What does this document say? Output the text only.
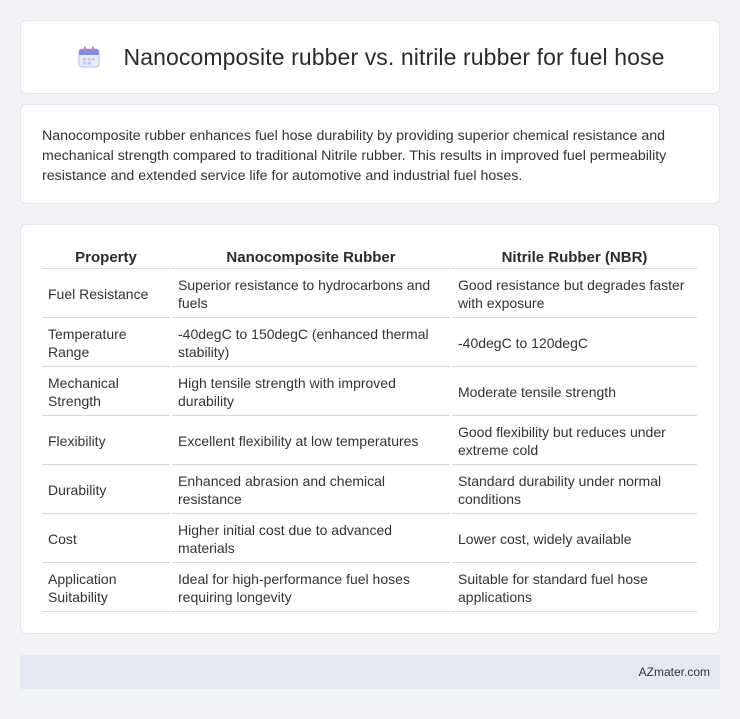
Nanocomposite rubber vs. nitrile rubber for fuel hose

Nanocomposite rubber enhances fuel hose durability by providing superior chemical resistance and mechanical strength compared to traditional Nitrile rubber. This results in improved fuel permeability resistance and extended service life for automotive and industrial fuel hoses.

Property	Nanocomposite Rubber	Nitrile Rubber (NBR)
Fuel Resistance	Superior resistance to hydrocarbons and fuels	Good resistance but degrades faster with exposure
Temperature Range	-40degC to 150degC (enhanced thermal stability)	-40degC to 120degC
Mechanical Strength	High tensile strength with improved durability	Moderate tensile strength
Flexibility	Excellent flexibility at low temperatures	Good flexibility but reduces under extreme cold
Durability	Enhanced abrasion and chemical resistance	Standard durability under normal conditions
Cost	Higher initial cost due to advanced materials	Lower cost, widely available
Application Suitability	Ideal for high-performance fuel hoses requiring longevity	Suitable for standard fuel hose applications
AZmater.com
